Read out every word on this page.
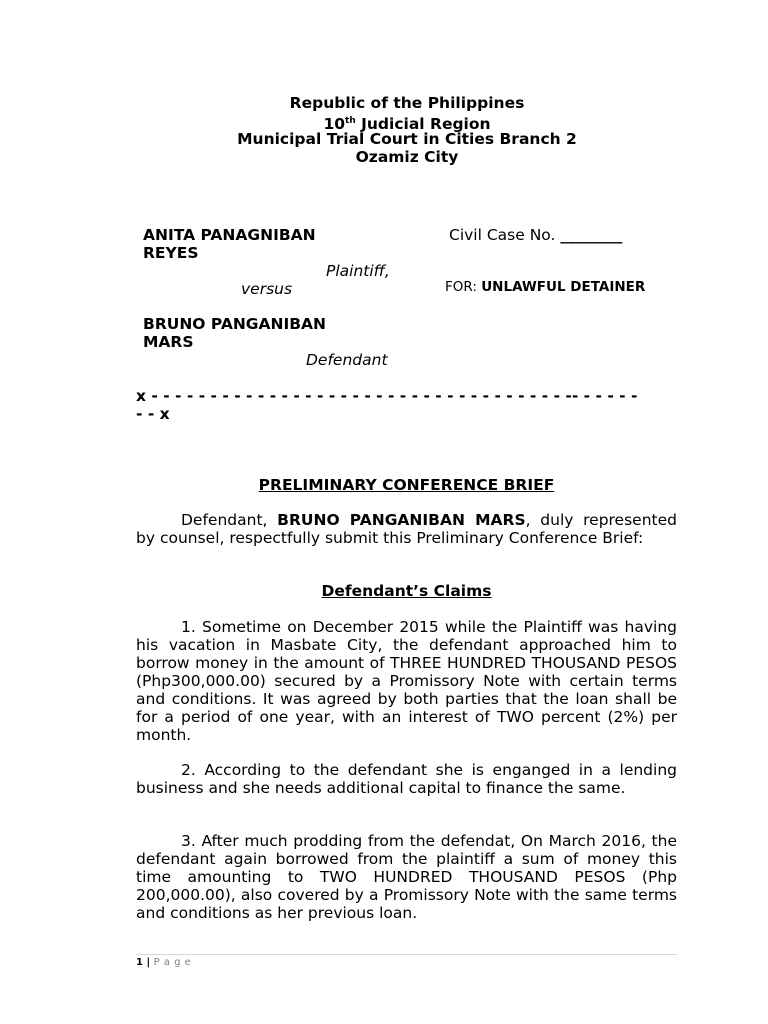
Republic of the Philippines
10th Judicial Region
Municipal Trial Court in Cities Branch 2
Ozamiz City
ANITA PANAGNIBAN
REYES
Plaintiff,
versus
BRUNO PANGANIBAN
MARS
Defendant
Civil Case No. ________
FOR: UNLAWFUL DETAINER
x - - - - - - - - - - - - - - - - - - - - - - - - - - - - - - - - - - - -- - - - - -
- - x
PRELIMINARY CONFERENCE BRIEF
Defendant, BRUNO PANGANIBAN MARS, duly represented by counsel, respectfully submit this Preliminary Conference Brief:
Defendant’s Claims
1. Sometime on December 2015 while the Plaintiff was having his vacation in Masbate City, the defendant approached him to borrow money in the amount of THREE HUNDRED THOUSAND PESOS (Php300,000.00) secured by a Promissory Note with certain terms and conditions. It was agreed by both parties that the loan shall be for a period of one year, with an interest of TWO percent (2%) per month.
2. According to the defendant she is enganged in a lending business and she needs additional capital to finance the same.
3. After much prodding from the defendat, On March 2016, the defendant again borrowed from the plaintiff a sum of money this time amounting to TWO HUNDRED THOUSAND PESOS (Php 200,000.00), also covered by a Promissory Note with the same terms and conditions as her previous loan.
1 | P a g e
